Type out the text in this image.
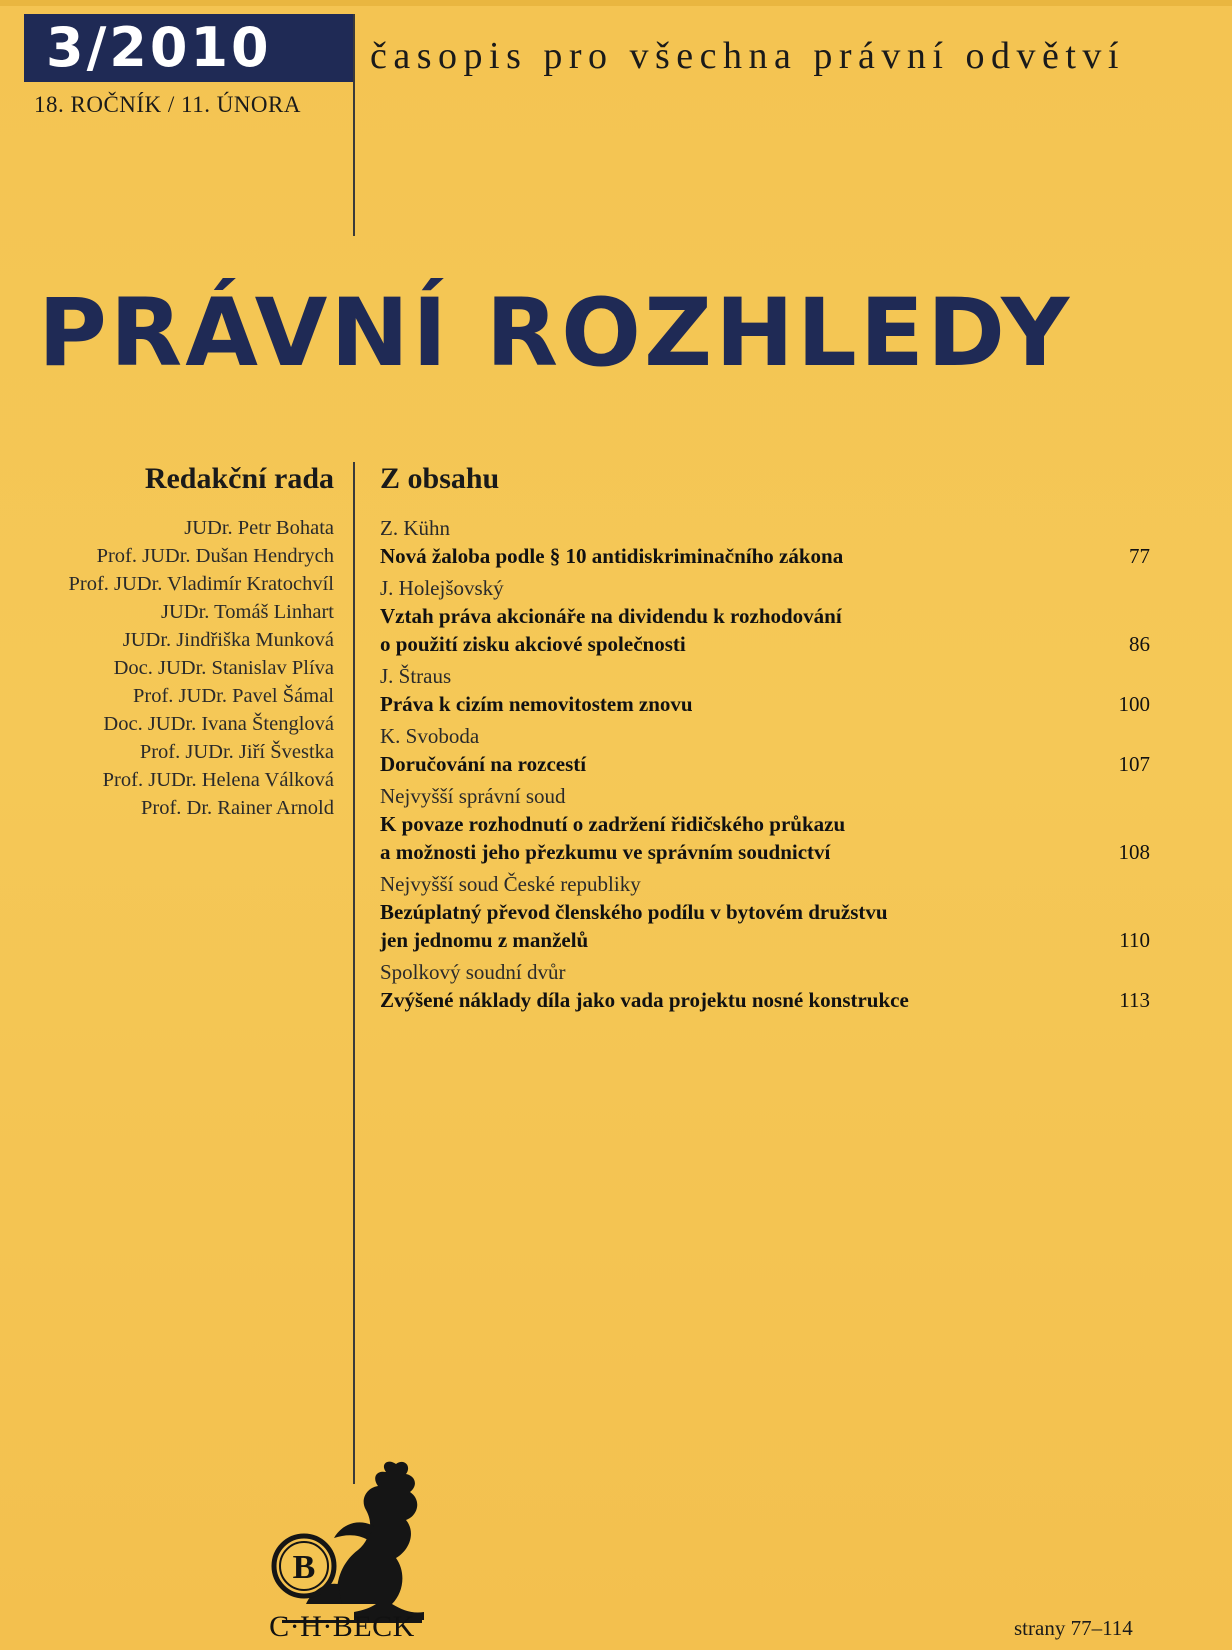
3/2010
18. ROČNÍK / 11. ÚNORA
časopis pro všechna právní odvětví
PRÁVNÍ ROZHLEDY
Redakční rada
JUDr. Petr Bohata
Prof. JUDr. Dušan Hendrych
Prof. JUDr. Vladimír Kratochvíl
JUDr. Tomáš Linhart
JUDr. Jindřiška Munková
Doc. JUDr. Stanislav Plíva
Prof. JUDr. Pavel Šámal
Doc. JUDr. Ivana Štenglová
Prof. JUDr. Jiří Švestka
Prof. JUDr. Helena Válková
Prof. Dr. Rainer Arnold
Z obsahu
Z. Kühn
Nová žaloba podle § 10 antidiskriminačního zákona	77
J. Holejšovský
Vztah práva akcionáře na dividendu k rozhodování
o použití zisku akciové společnosti	86
J. Štraus
Práva k cizím nemovitostem znovu	100
K. Svoboda
Doručování na rozcestí	107
Nejvyšší správní soud
K povaze rozhodnutí o zadržení řidičského průkazu
a možnosti jeho přezkumu ve správním soudnictví	108
Nejvyšší soud České republiky
Bezúplatný převod členského podílu v bytovém družstvu
jen jednomu z manželů	110
Spolkový soudní dvůr
Zvýšené náklady díla jako vada projektu nosné konstrukce	113
B
C·H·BECK	strany 77–114
